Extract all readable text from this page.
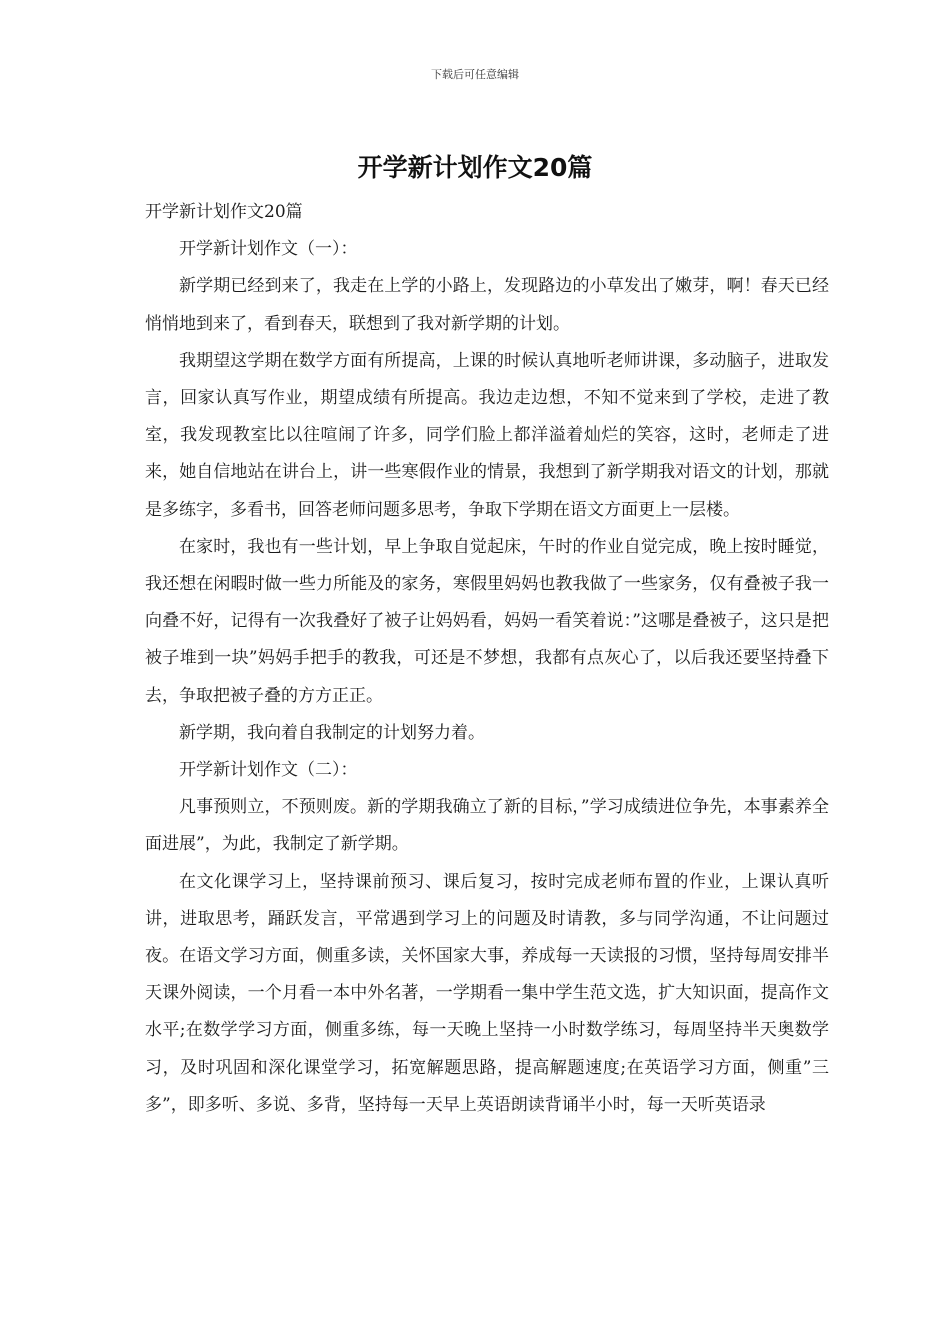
下载后可任意编辑
开学新计划作文20篇

开学新计划作文20篇

开学新计划作文（一）：

新学期已经到来了，我走在上学的小路上，发现路边的小草发出了嫩芽，啊！春天已经悄悄地到来了，看到春天，联想到了我对新学期的计划。

我期望这学期在数学方面有所提高，上课的时候认真地听老师讲课，多动脑子，进取发言，回家认真写作业，期望成绩有所提高。我边走边想，不知不觉来到了学校，走进了教室，我发现教室比以往喧闹了许多，同学们脸上都洋溢着灿烂的笑容，这时，老师走了进来，她自信地站在讲台上，讲一些寒假作业的情景，我想到了新学期我对语文的计划，那就是多练字，多看书，回答老师问题多思考，争取下学期在语文方面更上一层楼。

在家时，我也有一些计划，早上争取自觉起床，午时的作业自觉完成，晚上按时睡觉，我还想在闲暇时做一些力所能及的家务，寒假里妈妈也教我做了一些家务，仅有叠被子我一向叠不好，记得有一次我叠好了被子让妈妈看，妈妈一看笑着说：”这哪是叠被子，这只是把被子堆到一块”妈妈手把手的教我，可还是不梦想，我都有点灰心了，以后我还要坚持叠下去，争取把被子叠的方方正正。

新学期，我向着自我制定的计划努力着。

开学新计划作文（二）：

凡事预则立，不预则废。新的学期我确立了新的目标，”学习成绩进位争先，本事素养全面进展”，为此，我制定了新学期。

在文化课学习上，坚持课前预习、课后复习，按时完成老师布置的作业，上课认真听讲，进取思考，踊跃发言，平常遇到学习上的问题及时请教，多与同学沟通，不让问题过夜。在语文学习方面，侧重多读，关怀国家大事，养成每一天读报的习惯，坚持每周安排半天课外阅读，一个月看一本中外名著，一学期看一集中学生范文选，扩大知识面，提高作文水平;在数学学习方面，侧重多练，每一天晚上坚持一小时数学练习，每周坚持半天奥数学习，及时巩固和深化课堂学习，拓宽解题思路，提高解题速度;在英语学习方面，侧重”三多”，即多听、多说、多背，坚持每一天早上英语朗读背诵半小时，每一天听英语录
